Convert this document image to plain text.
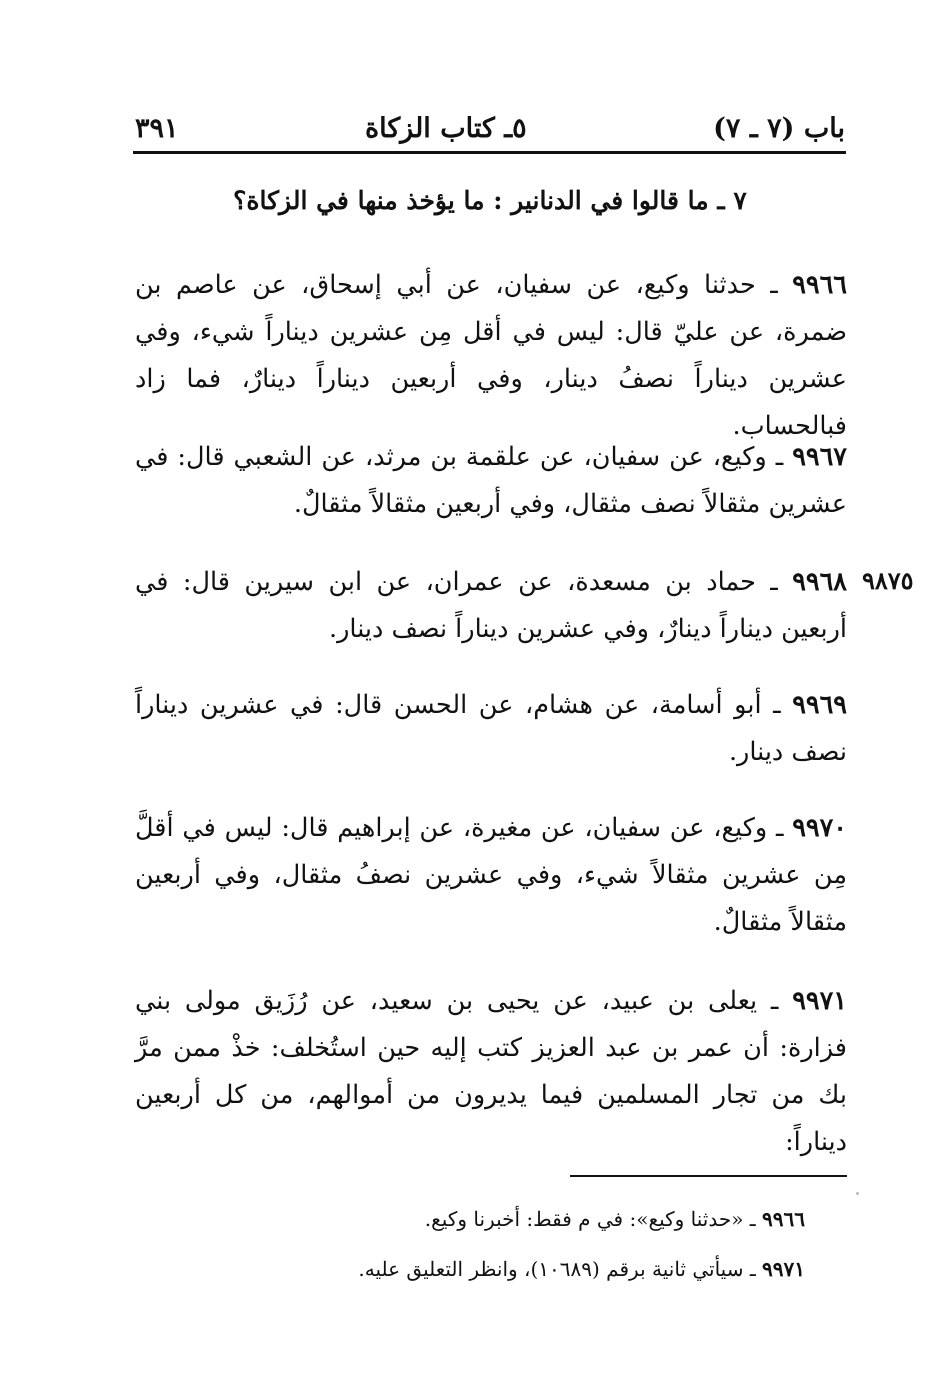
باب (٧ ـ ٧)
٥ـ كتاب الزكاة
٣٩١
٧ ـ ما قالوا في الدنانير : ما يؤخذ منها في الزكاة؟
٩٩٦٦ ـ حدثنا وكيع، عن سفيان، عن أبي إسحاق، عن عاصم بن ضمرة، عن عليّ قال: ليس في أقل مِن عشرين ديناراً شيء، وفي عشرين ديناراً نصفُ دينار، وفي أربعين ديناراً دينارٌ، فما زاد فبالحساب.
٩٩٦٧ ـ وكيع، عن سفيان، عن علقمة بن مرثد، عن الشعبي قال: في عشرين مثقالاً نصف مثقال، وفي أربعين مثقالاً مثقالٌ.
٩٨٧٥
٩٩٦٨ ـ حماد بن مسعدة، عن عمران، عن ابن سيرين قال: في أربعين ديناراً دينارٌ، وفي عشرين ديناراً نصف دينار.
٩٩٦٩ ـ أبو أسامة، عن هشام، عن الحسن قال: في عشرين ديناراً نصف دينار.
٩٩٧٠ ـ وكيع، عن سفيان، عن مغيرة، عن إبراهيم قال: ليس في أقلَّ مِن عشرين مثقالاً شيء، وفي عشرين نصفُ مثقال، وفي أربعين مثقالاً مثقالٌ.
٩٩٧١ ـ يعلى بن عبيد، عن يحيى بن سعيد، عن رُزَيق مولى بني فزارة: أن عمر بن عبد العزيز كتب إليه حين استُخلف: خذْ ممن مرَّ بك من تجار المسلمين فيما يديرون من أموالهم، من كل أربعين ديناراً:
٩٩٦٦ ـ «حدثنا وكيع»: في م فقط: أخبرنا وكيع.
٩٩٧١ ـ سيأتي ثانية برقم (١٠٦٨٩)، وانظر التعليق عليه.
